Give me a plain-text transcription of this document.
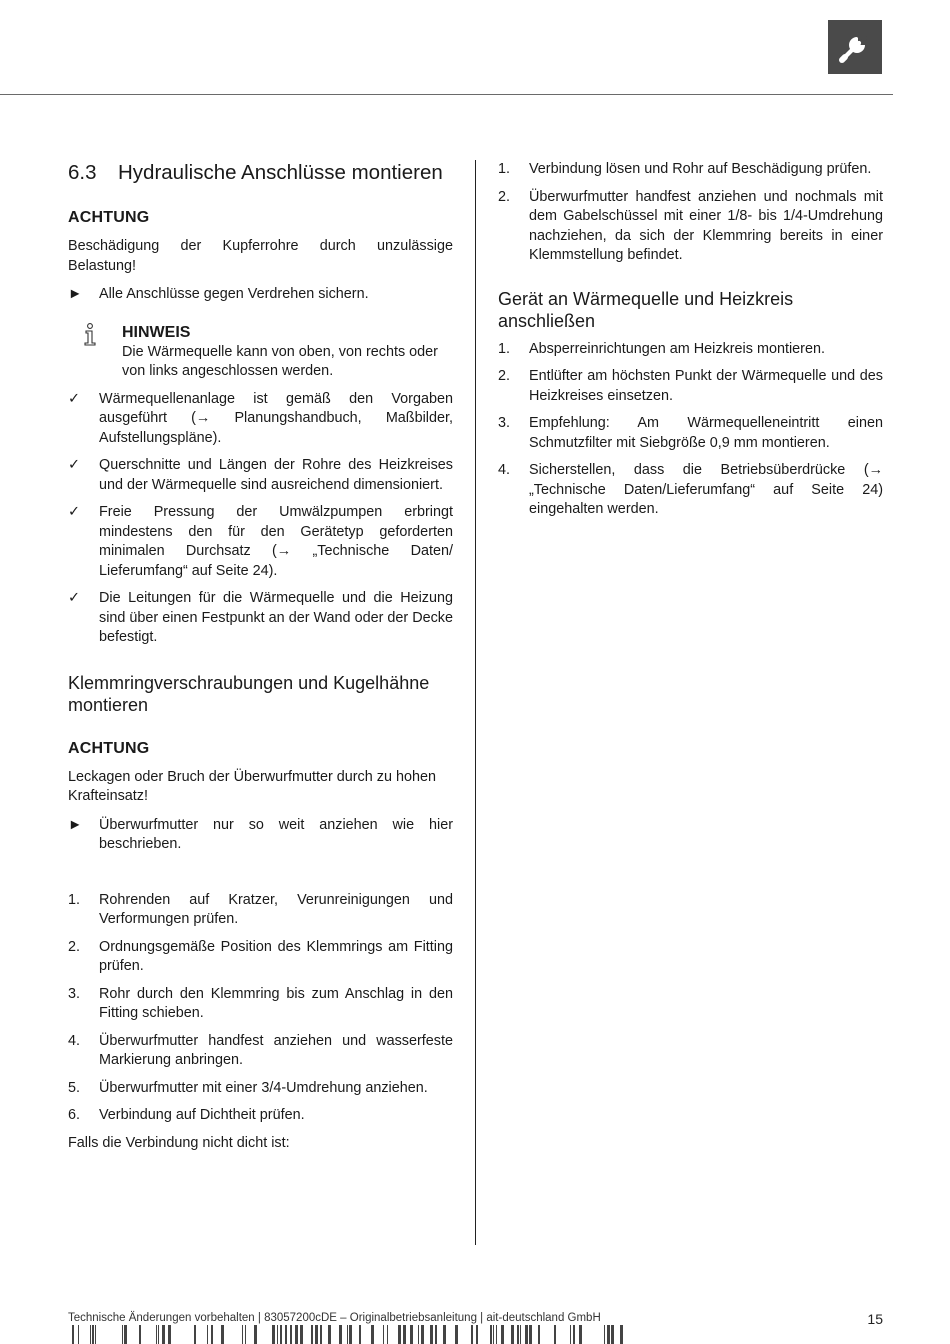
6.3	Hydraulische Anschlüsse montieren
ACHTUNG
Beschädigung der Kupferrohre durch unzulässige Belastung!
►	Alle Anschlüsse gegen Verdrehen sichern.
HINWEIS
Die Wärmequelle kann von oben, von rechts oder von links angeschlossen werden.
✓	Wärmequellenanlage ist gemäß den Vorgaben ausgeführt (→ Planungshandbuch, Maßbilder, Aufstellungspläne).
✓	Querschnitte und Längen der Rohre des Heizkreises und der Wärmequelle sind ausreichend dimensioniert.
✓	Freie Pressung der Umwälzpumpen erbringt mindestens den für den Gerätetyp geforderten minimalen Durchsatz (→ „Technische Daten/ Lieferumfang“ auf Seite 24).
✓	Die Leitungen für die Wärmequelle und die Heizung sind über einen Festpunkt an der Wand oder der Decke befestigt.
Klemmringverschraubungen und Kugelhähne montieren
ACHTUNG
Leckagen oder Bruch der Überwurfmutter durch zu hohen Krafteinsatz!
►	Überwurfmutter nur so weit anziehen wie hier beschrieben.
1.	Rohrenden auf Kratzer, Verunreinigungen und Verformungen prüfen.
2.	Ordnungsgemäße Position des Klemmrings am Fitting prüfen.
3.	Rohr durch den Klemmring bis zum Anschlag in den Fitting schieben.
4.	Überwurfmutter handfest anziehen und wasserfeste Markierung anbringen.
5.	Überwurfmutter mit einer 3/4-Umdrehung anziehen.
6.	Verbindung auf Dichtheit prüfen.
Falls die Verbindung nicht dicht ist:
1.	Verbindung lösen und Rohr auf Beschädigung prüfen.
2.	Überwurfmutter handfest anziehen und nochmals mit dem Gabelschüssel mit einer 1/8- bis 1/4-Umdrehung nachziehen, da sich der Klemmring bereits in einer Klemmstellung befindet.
Gerät an Wärmequelle und Heizkreis anschließen
1.	Absperreinrichtungen am Heizkreis montieren.
2.	Entlüfter am höchsten Punkt der Wärmequelle und des Heizkreises einsetzen.
3.	Empfehlung: Am Wärmequelleneintritt einen Schmutzfilter mit Siebgröße 0,9 mm montieren.
4.	Sicherstellen, dass die Betriebsüberdrücke (→ „Technische Daten/Lieferumfang“ auf Seite 24) eingehalten werden.
Technische Änderungen vorbehalten | 83057200cDE – Originalbetriebsanleitung | ait-deutschland GmbH	15
